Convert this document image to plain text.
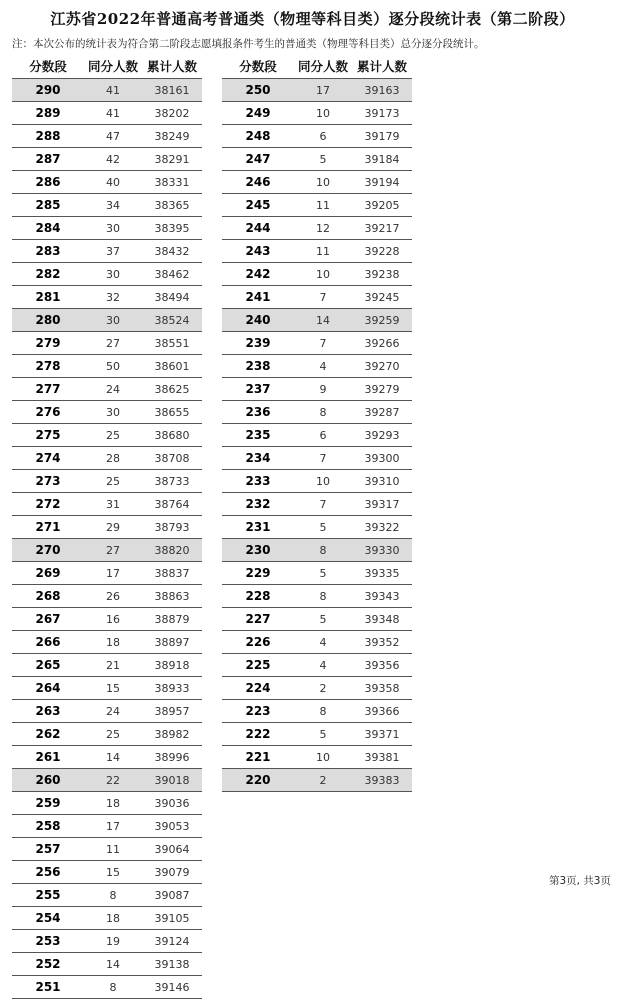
江苏省2022年普通高考普通类（物理等科目类）逐分段统计表（第二阶段）
注：本次公布的统计表为符合第二阶段志愿填报条件考生的普通类（物理等科目类）总分逐分段统计。
分数段	同分人数	累计人数
290	41	38161
289	41	38202
288	47	38249
287	42	38291
286	40	38331
285	34	38365
284	30	38395
283	37	38432
282	30	38462
281	32	38494
280	30	38524
279	27	38551
278	50	38601
277	24	38625
276	30	38655
275	25	38680
274	28	38708
273	25	38733
272	31	38764
271	29	38793
270	27	38820
269	17	38837
268	26	38863
267	16	38879
266	18	38897
265	21	38918
264	15	38933
263	24	38957
262	25	38982
261	14	38996
260	22	39018
259	18	39036
258	17	39053
257	11	39064
256	15	39079
255	8	39087
254	18	39105
253	19	39124
252	14	39138
251	8	39146
分数段	同分人数	累计人数
250	17	39163
249	10	39173
248	6	39179
247	5	39184
246	10	39194
245	11	39205
244	12	39217
243	11	39228
242	10	39238
241	7	39245
240	14	39259
239	7	39266
238	4	39270
237	9	39279
236	8	39287
235	6	39293
234	7	39300
233	10	39310
232	7	39317
231	5	39322
230	8	39330
229	5	39335
228	8	39343
227	5	39348
226	4	39352
225	4	39356
224	2	39358
223	8	39366
222	5	39371
221	10	39381
220	2	39383
第3页, 共3页
